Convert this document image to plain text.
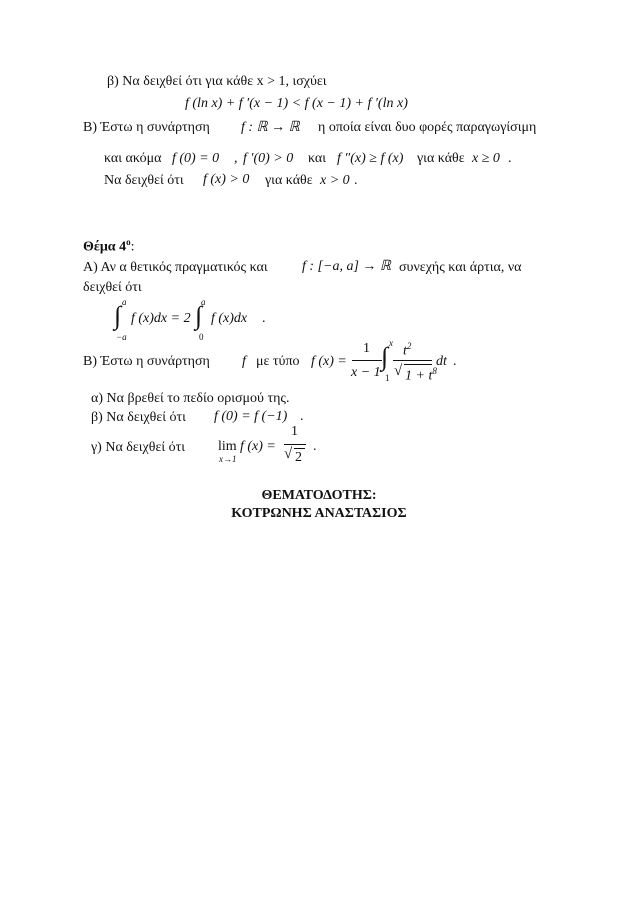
β) Να δειχθεί ότι για κάθε x > 1, ισχύει
f (ln x) + f ′(x − 1) < f (x − 1) + f ′(ln x)
Β) Έστω η συνάρτηση f : ℝ → ℝ η οποία είναι δυο φορές παραγωγίσιμη
και ακόμα f (0) = 0 , f ′(0) > 0 και f ″(x) ≥ f (x) για κάθε x ≥ 0 .
Να δειχθεί ότι f (x) > 0 για κάθε x > 0 .
Θέμα $4^o$:
Α) Αν α θετικός πραγματικός και f : [−a, a] → ℝ συνεχής και άρτια, να
δειχθεί ότι
∫ a
−a
f (x)dx = 2 ∫
a
0
f (x)dx .
Β) Έστω η συνάρτηση f με τύπο f (x) =
1
x − 1
∫ x
1
$t^2$
√ $1 + t^8$
dt .
α) Να βρεθεί το πεδίο ορισμού της.
β) Να δειχθεί ότι f (0) = f (−1) .
γ) Να δειχθεί ότι lim
x→1
f (x) =
1
√ 2
.
ΘΕΜΑΤΟΔΟΤΗΣ:
ΚΟΤΡΩΝΗΣ ΑΝΑΣΤΑΣΙΟΣ
